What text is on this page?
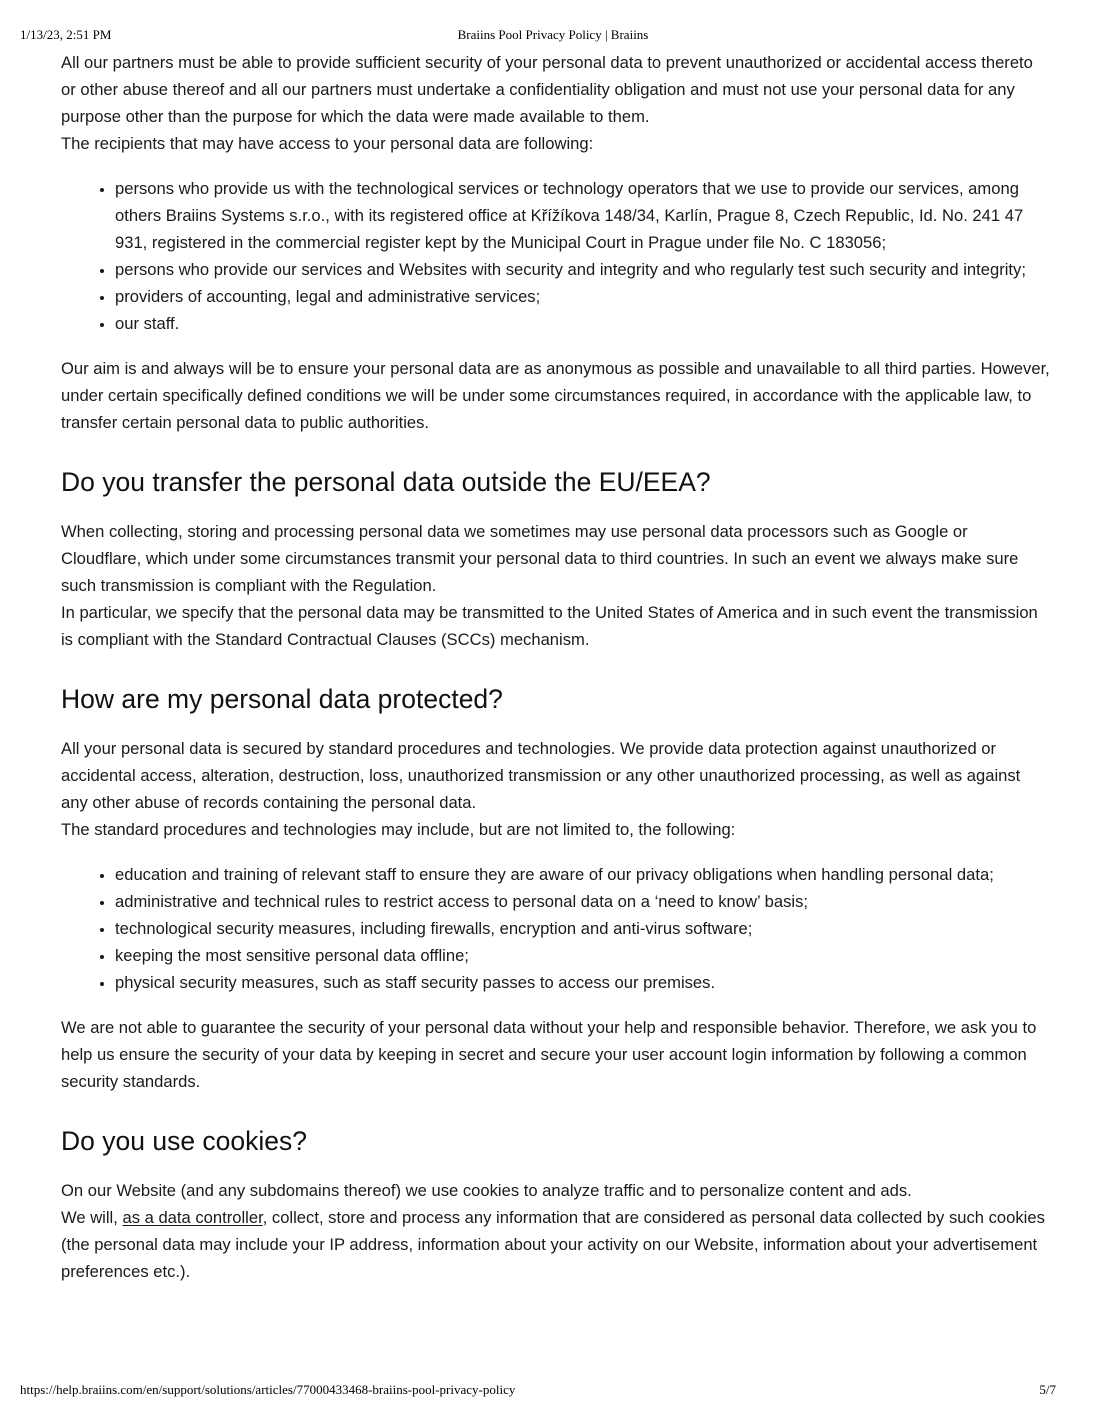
1/13/23, 2:51 PM	Braiins Pool Privacy Policy | Braiins

All our partners must be able to provide sufficient security of your personal data to prevent unauthorized or accidental access thereto or other abuse thereof and all our partners must undertake a confidentiality obligation and must not use your personal data for any purpose other than the purpose for which the data were made available to them.

The recipients that may have access to your personal data are following:

• persons who provide us with the technological services or technology operators that we use to provide our services, among others Braiins Systems s.r.o., with its registered office at Křížíkova 148/34, Karlín, Prague 8, Czech Republic, Id. No. 241 47 931, registered in the commercial register kept by the Municipal Court in Prague under file No. C 183056;
• persons who provide our services and Websites with security and integrity and who regularly test such security and integrity;
• providers of accounting, legal and administrative services;
• our staff.

Our aim is and always will be to ensure your personal data are as anonymous as possible and unavailable to all third parties. However, under certain specifically defined conditions we will be under some circumstances required, in accordance with the applicable law, to transfer certain personal data to public authorities.

Do you transfer the personal data outside the EU/EEA?

When collecting, storing and processing personal data we sometimes may use personal data processors such as Google or Cloudflare, which under some circumstances transmit your personal data to third countries. In such an event we always make sure such transmission is compliant with the Regulation.

In particular, we specify that the personal data may be transmitted to the United States of America and in such event the transmission is compliant with the Standard Contractual Clauses (SCCs) mechanism.

How are my personal data protected?

All your personal data is secured by standard procedures and technologies. We provide data protection against unauthorized or accidental access, alteration, destruction, loss, unauthorized transmission or any other unauthorized processing, as well as against any other abuse of records containing the personal data.

The standard procedures and technologies may include, but are not limited to, the following:

• education and training of relevant staff to ensure they are aware of our privacy obligations when handling personal data;
• administrative and technical rules to restrict access to personal data on a ‘need to know’ basis;
• technological security measures, including firewalls, encryption and anti-virus software;
• keeping the most sensitive personal data offline;
• physical security measures, such as staff security passes to access our premises.

We are not able to guarantee the security of your personal data without your help and responsible behavior. Therefore, we ask you to help us ensure the security of your data by keeping in secret and secure your user account login information by following a common security standards.

Do you use cookies?

On our Website (and any subdomains thereof) we use cookies to analyze traffic and to personalize content and ads.

We will, as a data controller, collect, store and process any information that are considered as personal data collected by such cookies (the personal data may include your IP address, information about your activity on our Website, information about your advertisement preferences etc.).

https://help.braiins.com/en/support/solutions/articles/77000433468-braiins-pool-privacy-policy	5/7
